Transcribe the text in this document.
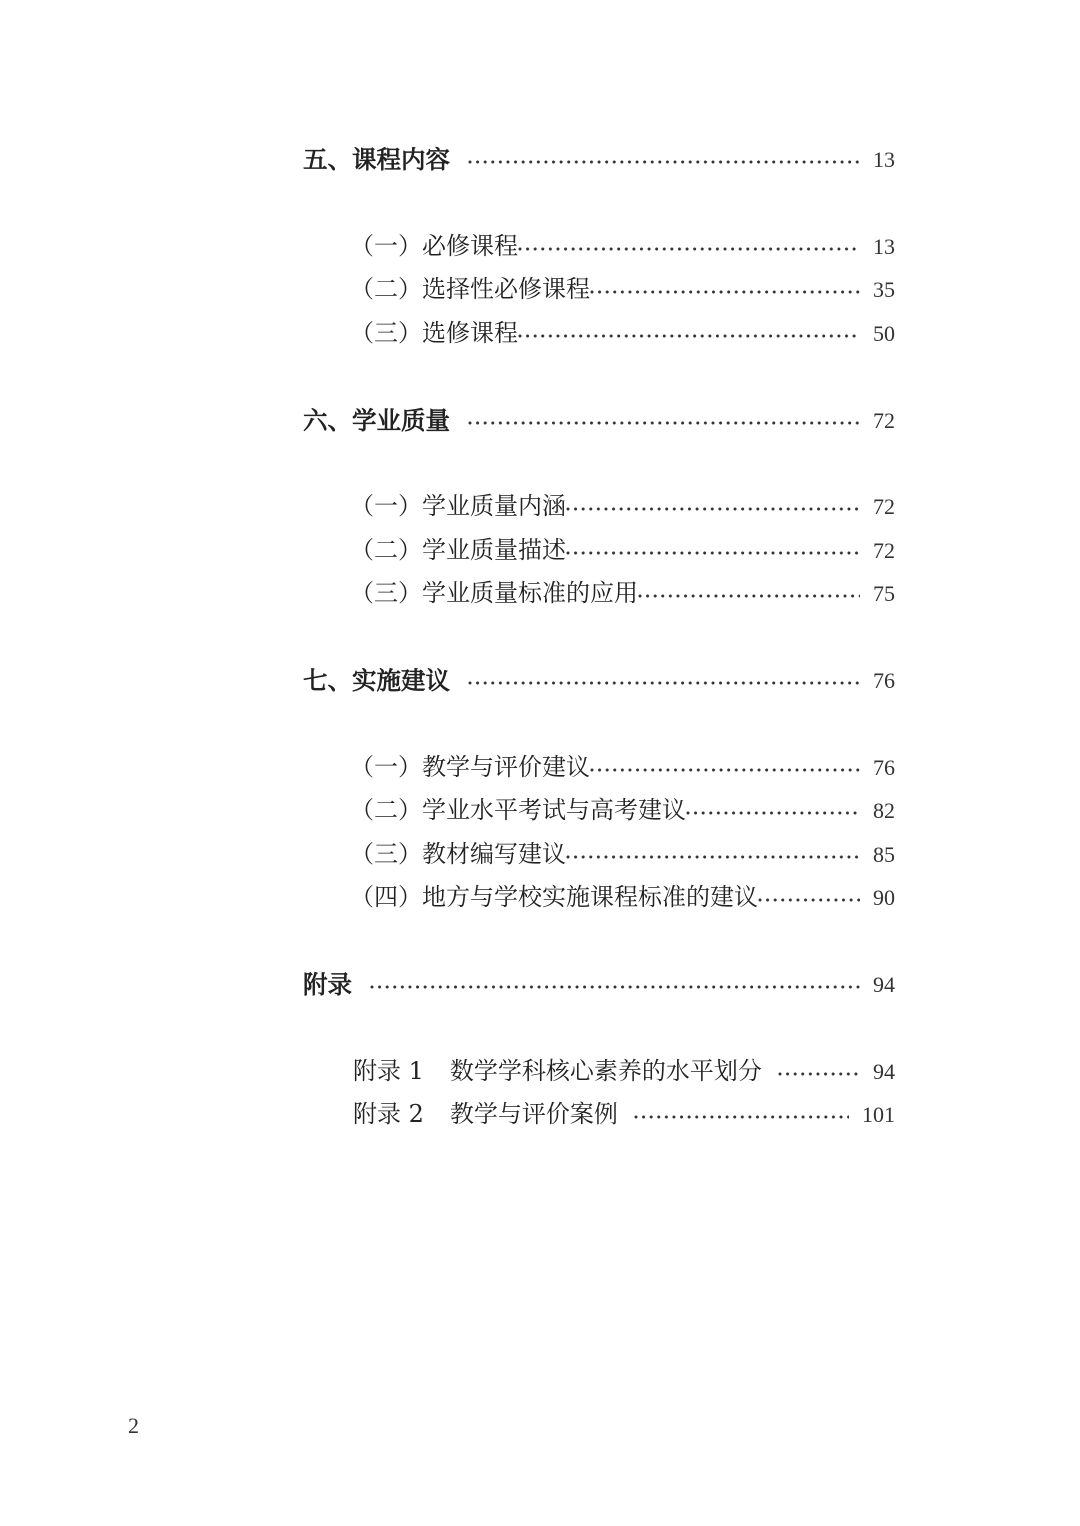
五、课程内容	13
（一）必修课程	13
（二）选择性必修课程	35
（三）选修课程	50
六、学业质量	72
（一）学业质量内涵	72
（二）学业质量描述	72
（三）学业质量标准的应用	75
七、实施建议	76
（一）教学与评价建议	76
（二）学业水平考试与高考建议	82
（三）教材编写建议	85
（四）地方与学校实施课程标准的建议	90
附录	94
附录 1 数学学科核心素养的水平划分	94
附录 2 教学与评价案例	101
2
